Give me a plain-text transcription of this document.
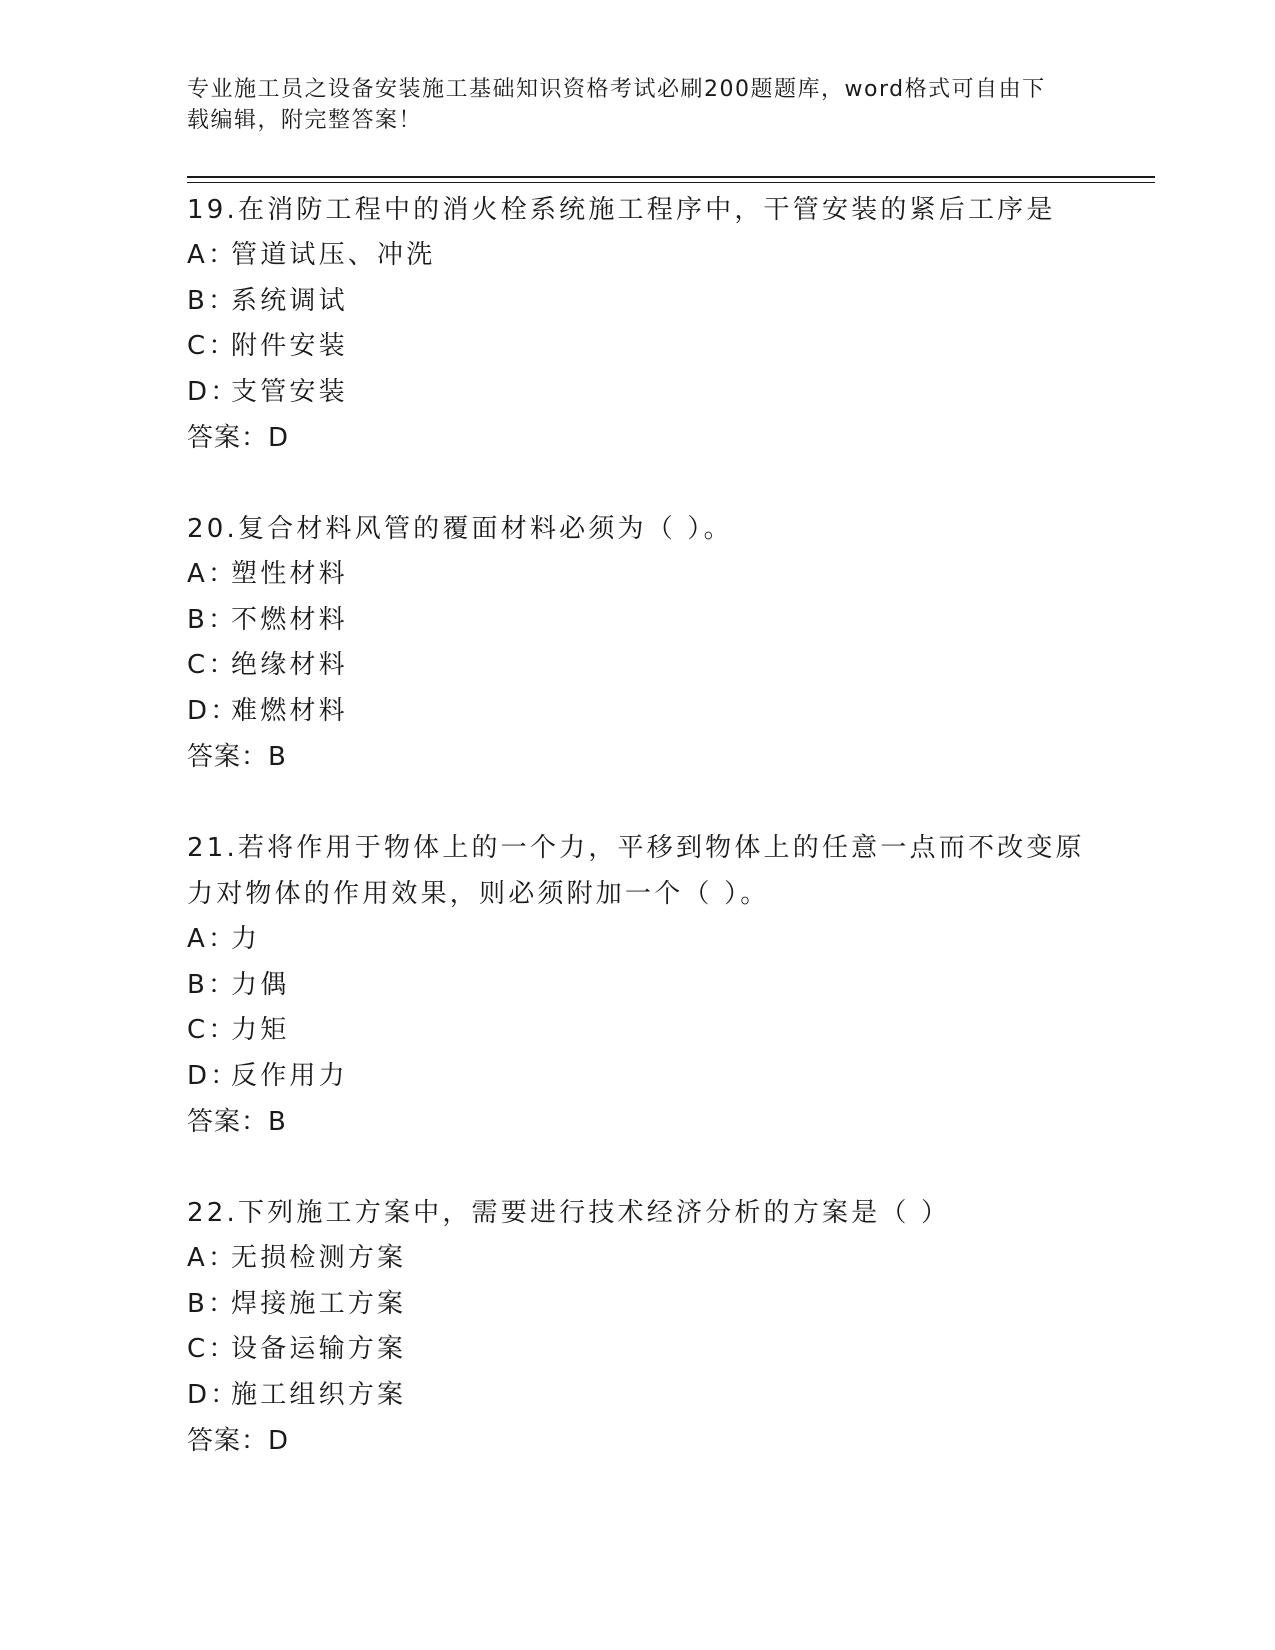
专业施工员之设备安装施工基础知识资格考试必刷200题题库，word格式可自由下载编辑，附完整答案！

19.在消防工程中的消火栓系统施工程序中，干管安装的紧后工序是

A：
管道试压、冲洗
B：
系统调试
C：
附件安装
D：
支管安装
答案：D

20.复合材料风管的覆面材料必须为（ ）。

A：
塑性材料
B：
不燃材料
C：
绝缘材料
D：
难燃材料
答案：B

21.若将作用于物体上的一个力，平移到物体上的任意一点而不改变原力对物体的作用效果，则必须附加一个（ ）。

A：
力
B：
力偶
C：
力矩
D：
反作用力
答案：B

22.下列施工方案中，需要进行技术经济分析的方案是（ ）

A：
无损检测方案
B：
焊接施工方案
C：
设备运输方案
D：
施工组织方案
答案：D
